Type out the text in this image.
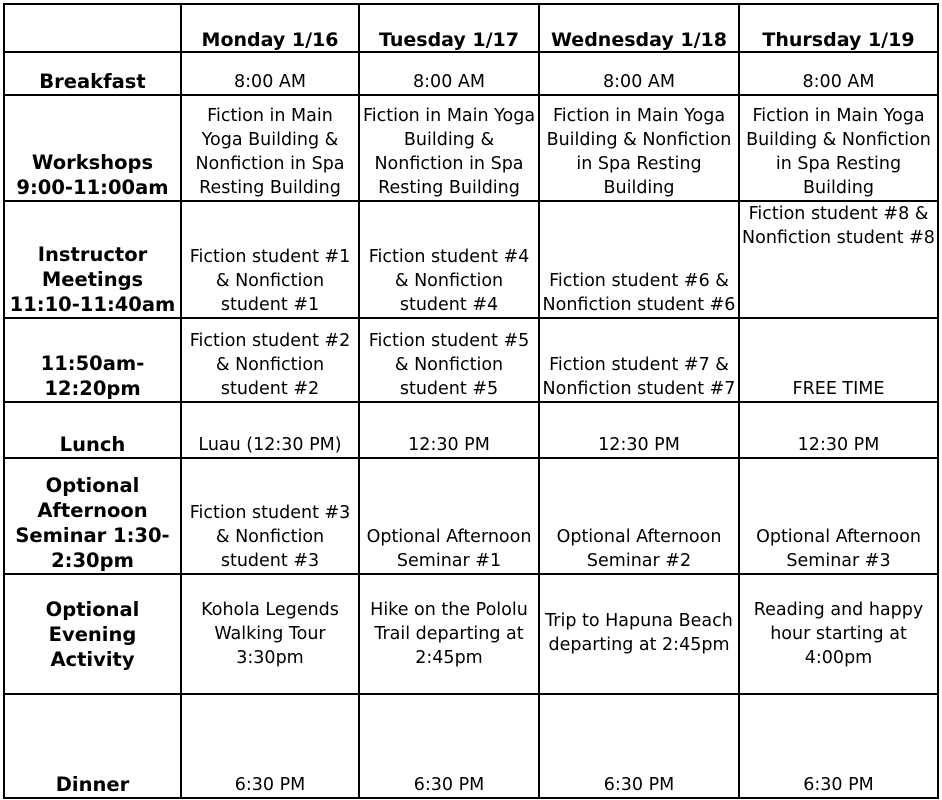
	Monday 1/16	Tuesday 1/17	Wednesday 1/18	Thursday 1/19
Breakfast	8:00 AM	8:00 AM	8:00 AM	8:00 AM
Workshops 9:00-11:00am	Fiction in Main Yoga Building & Nonfiction in Spa Resting Building	Fiction in Main Yoga Building & Nonfiction in Spa Resting Building	Fiction in Main Yoga Building & Nonfiction in Spa Resting Building	Fiction in Main Yoga Building & Nonfiction in Spa Resting Building
Instructor Meetings 11:10-11:40am	Fiction student #1 & Nonfiction student #1	Fiction student #4 & Nonfiction student #4	Fiction student #6 & Nonfiction student #6	Fiction student #8 & Nonfiction student #8
11:50am-12:20pm	Fiction student #2 & Nonfiction student #2	Fiction student #5 & Nonfiction student #5	Fiction student #7 & Nonfiction student #7	FREE TIME
Lunch	Luau (12:30 PM)	12:30 PM	12:30 PM	12:30 PM
Optional Afternoon Seminar 1:30-2:30pm	Fiction student #3 & Nonfiction student #3	Optional Afternoon Seminar #1	Optional Afternoon Seminar #2	Optional Afternoon Seminar #3
Optional Evening Activity	Kohola Legends Walking Tour 3:30pm	Hike on the Pololu Trail departing at 2:45pm	Trip to Hapuna Beach departing at 2:45pm	Reading and happy hour starting at 4:00pm
Dinner	6:30 PM	6:30 PM	6:30 PM	6:30 PM
